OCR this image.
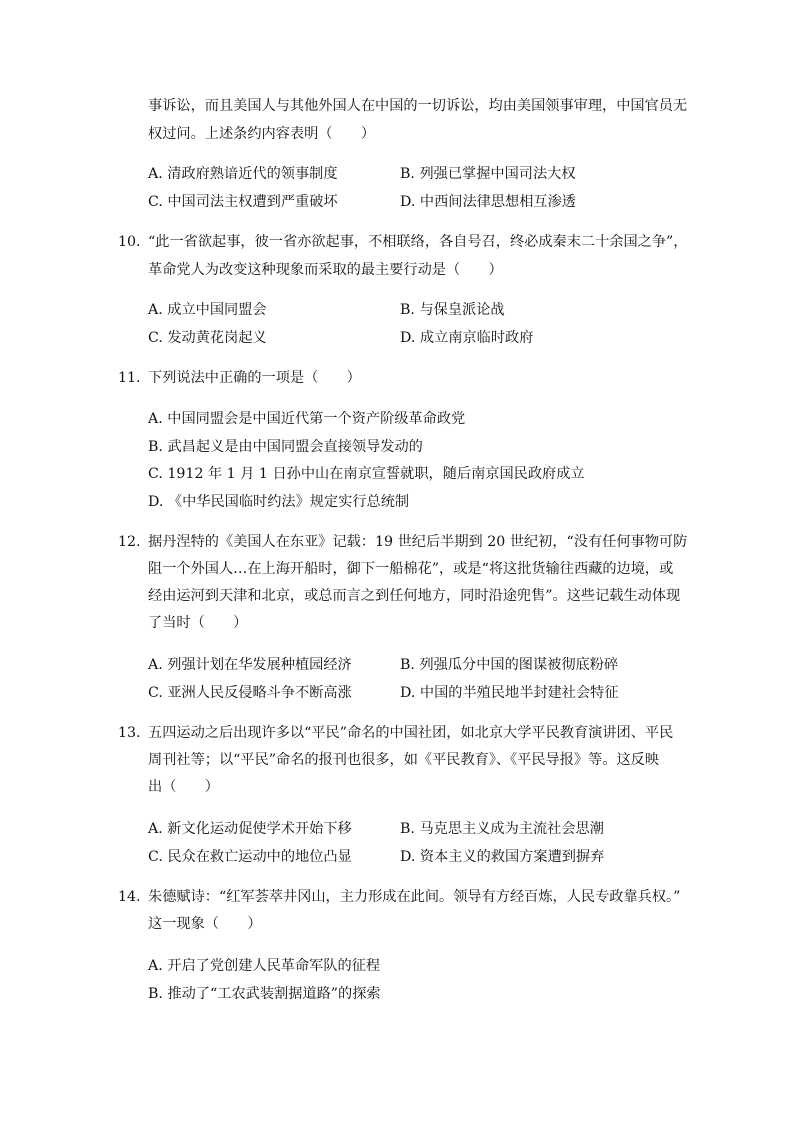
事诉讼，而且美国人与其他外国人在中国的一切诉讼，均由美国领事审理，中国官员无
权过问。上述条约内容表明（　　）
A. 清政府熟谙近代的领事制度	B. 列强已掌握中国司法大权
C. 中国司法主权遭到严重破坏	D. 中西间法律思想相互渗透
10. “此一省欲起事，彼一省亦欲起事，不相联络，各自号召，终必成秦末二十余国之争”，
革命党人为改变这种现象而采取的最主要行动是（　　）
A. 成立中国同盟会	B. 与保皇派论战
C. 发动黄花岗起义	D. 成立南京临时政府
11. 下列说法中正确的一项是（　　）
A. 中国同盟会是中国近代第一个资产阶级革命政党
B. 武昌起义是由中国同盟会直接领导发动的
C. 1912 年 1 月 1 日孙中山在南京宣誓就职，随后南京国民政府成立
D. 《中华民国临时约法》规定实行总统制
12. 据丹涅特的《美国人在东亚》记载：19 世纪后半期到 20 世纪初，“没有任何事物可防
阻一个外国人…在上海开船时，御下一船棉花”，或是“将这批货输往西藏的边境，或
经由运河到天津和北京，或总而言之到任何地方，同时沿途兜售”。这些记载生动体现
了当时（　　）
A. 列强计划在华发展种植园经济	B. 列强瓜分中国的图谋被彻底粉碎
C. 亚洲人民反侵略斗争不断高涨	D. 中国的半殖民地半封建社会特征
13. 五四运动之后出现许多以“平民”命名的中国社团，如北京大学平民教育演讲团、平民
周刊社等；以“平民”命名的报刊也很多，如《平民教育》、《平民导报》等。这反映
出（　　）
A. 新文化运动促使学术开始下移	B. 马克思主义成为主流社会思潮
C. 民众在救亡运动中的地位凸显	D. 资本主义的救国方案遭到摒弃
14. 朱德赋诗：“红军荟萃井冈山，主力形成在此间。领导有方经百炼，人民专政靠兵权。”
这一现象（　　）
A. 开启了党创建人民革命军队的征程
B. 推动了“工农武装割据道路”的探索
